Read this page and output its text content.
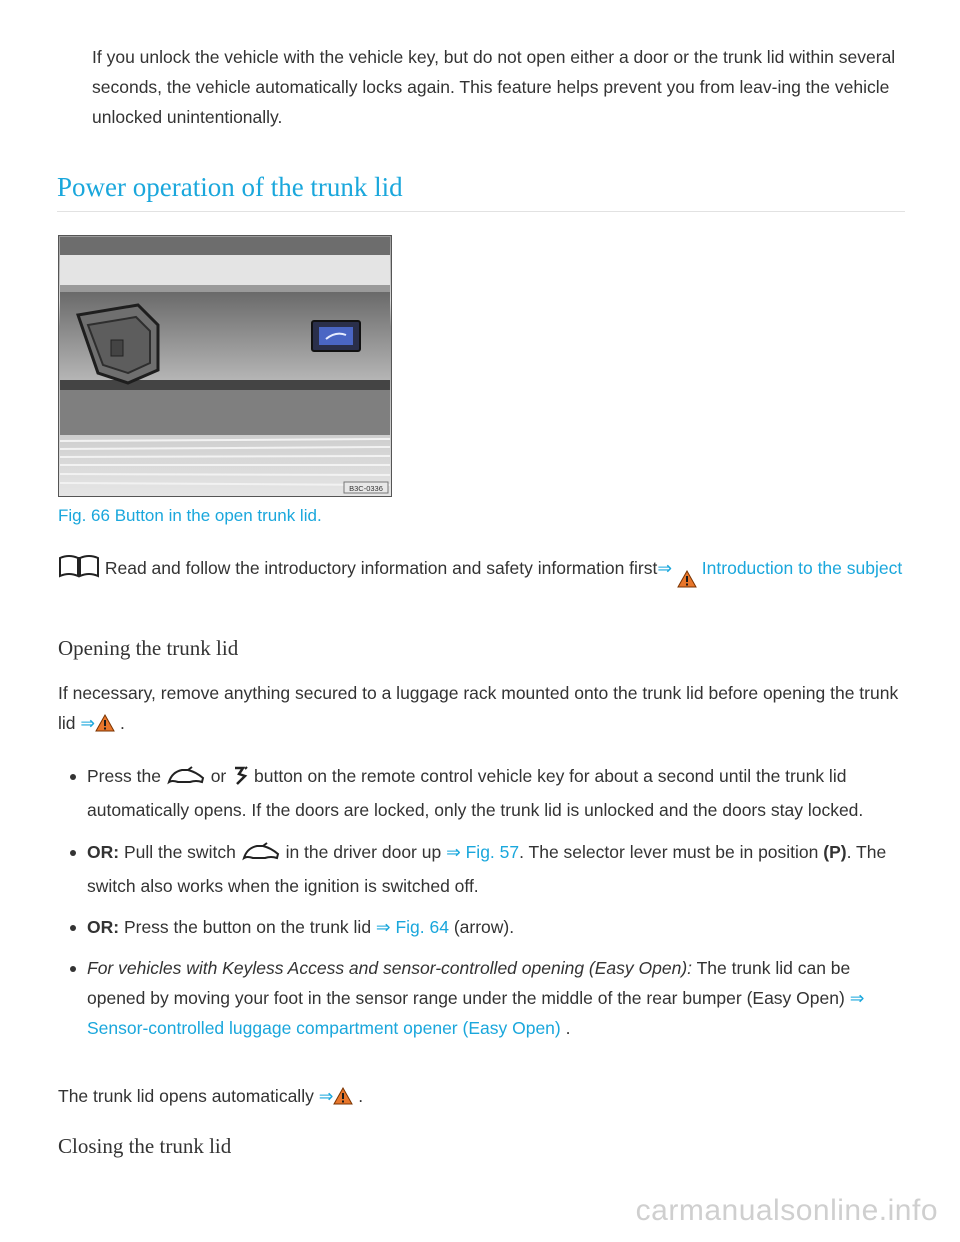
If you unlock the vehicle with the vehicle key, but do not open either a door or the trunk lid within several seconds, the vehicle automatically locks again. This feature helps prevent you from leav-ing the vehicle unlocked unintentionally.
Power operation of the trunk lid
B3C-0336
Fig. 66 Button in the open trunk lid.
Read and follow the introductory information and safety information first⇒ Introduction to the subject
Opening the trunk lid
If necessary, remove anything secured to a luggage rack mounted onto the trunk lid before opening the trunk lid ⇒ .
Press the	or button on the remote control vehicle key for about a second until the trunk lid automatically opens. If the doors are locked, only the trunk lid is unlocked and the doors stay locked.
OR: Pull the switch	in the driver door up ⇒ Fig. 57. The selector lever must be in position (P). The switch also works when the ignition is switched off.
OR: Press the button on the trunk lid ⇒ Fig. 64 (arrow).
For vehicles with Keyless Access and sensor-controlled opening (Easy Open): The trunk lid can be opened by moving your foot in the sensor range under the middle of the rear bumper (Easy Open) ⇒ Sensor-controlled luggage compartment opener (Easy Open) .
The trunk lid opens automatically ⇒ .
Closing the trunk lid
carmanualsonline.info
